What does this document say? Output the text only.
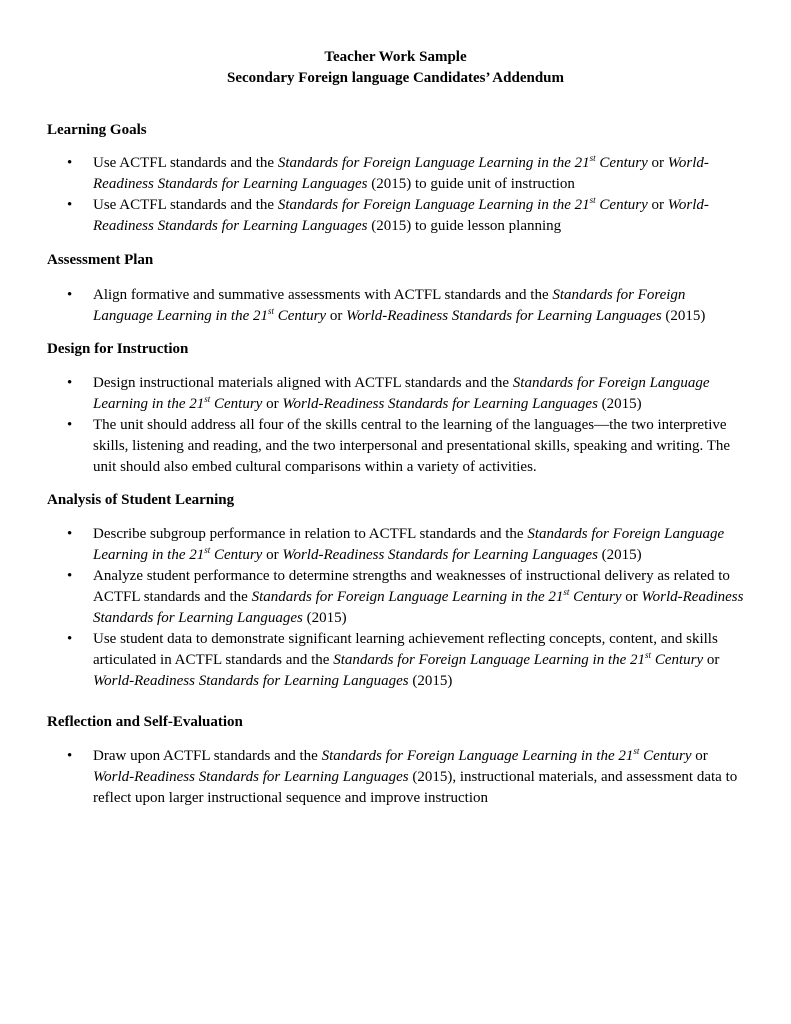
Teacher Work Sample
Secondary Foreign language Candidates’ Addendum
Learning Goals
• Use ACTFL standards and the Standards for Foreign Language Learning in the 21st Century or World-Readiness Standards for Learning Languages (2015) to guide unit of instruction
• Use ACTFL standards and the Standards for Foreign Language Learning in the 21st Century or World-Readiness Standards for Learning Languages (2015) to guide lesson planning
Assessment Plan
• Align formative and summative assessments with ACTFL standards and the Standards for Foreign Language Learning in the 21st Century or World-Readiness Standards for Learning Languages (2015)
Design for Instruction
• Design instructional materials aligned with ACTFL standards and the Standards for Foreign Language Learning in the 21st Century or World-Readiness Standards for Learning Languages (2015)
• The unit should address all four of the skills central to the learning of the languages—the two interpretive skills, listening and reading, and the two interpersonal and presentational skills, speaking and writing. The unit should also embed cultural comparisons within a variety of activities.
Analysis of Student Learning
• Describe subgroup performance in relation to ACTFL standards and the Standards for Foreign Language Learning in the 21st Century or World-Readiness Standards for Learning Languages (2015)
• Analyze student performance to determine strengths and weaknesses of instructional delivery as related to ACTFL standards and the Standards for Foreign Language Learning in the 21st Century or World-Readiness Standards for Learning Languages (2015)
• Use student data to demonstrate significant learning achievement reflecting concepts, content, and skills articulated in ACTFL standards and the Standards for Foreign Language Learning in the 21st Century or World-Readiness Standards for Learning Languages (2015)
Reflection and Self-Evaluation
• Draw upon ACTFL standards and the Standards for Foreign Language Learning in the 21st Century or World-Readiness Standards for Learning Languages (2015), instructional materials, and assessment data to reflect upon larger instructional sequence and improve instruction
